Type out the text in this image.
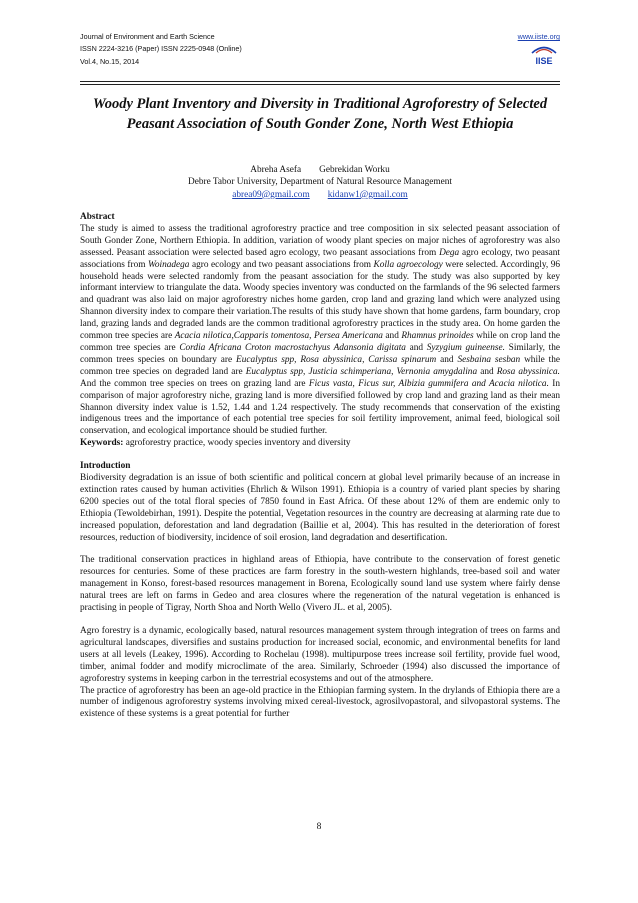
Journal of Environment and Earth Science
ISSN 2224-3216 (Paper) ISSN 2225-0948 (Online)
Vol.4, No.15, 2014
www.iiste.org
IISE
Woody Plant Inventory and Diversity in Traditional Agroforestry of Selected Peasant Association of South Gonder Zone, North West Ethiopia
Abreha Asefa Gebrekidan Worku
Debre Tabor University, Department of Natural Resource Management
abrea09@gmail.com kidanw1@gmail.com

Abstract

The study is aimed to assess the traditional agroforestry practice and tree composition in six selected peasant association of South Gonder Zone, Northern Ethiopia. In addition, variation of woody plant species on major niches of agroforestry was also assessed. Peasant association were selected based agro ecology, two peasant associations from Dega agro ecology, two peasant associations from Woinadega agro ecology and two peasant associations from Kolla agroecology were selected. Accordingly, 96 household heads were selected randomly from the peasant association for the study. The study was also supported by key informant interview to triangulate the data. Woody species inventory was conducted on the farmlands of the 96 selected farmers and quadrant was also laid on major agroforestry niches home garden, crop land and grazing land which were analyzed using Shannon diversity index to compare their variation.The results of this study have shown that home gardens, farm boundary, crop land, grazing lands and degraded lands are the common traditional agroforestry practices in the study area. On home garden the common tree species are Acacia nilotica,Capparis tomentosa, Persea Americana and Rhamnus prinoides while on crop land the common tree species are Cordia Africana Croton macrostachyus Adansonia digitata and Syzygium guineense. Similarly, the common trees species on boundary are Eucalyptus spp, Rosa abyssinica, Carissa spinarum and Sesbaina sesban while the common tree species on degraded land are Eucalyptus spp, Justicia schimperiana, Vernonia amygdalina and Rosa abyssinica. And the common tree species on trees on grazing land are Ficus vasta, Ficus sur, Albizia gummifera and Acacia nilotica. In comparison of major agroforestry niche, grazing land is more diversified followed by crop land and grazing land as their mean Shannon diversity index value is 1.52, 1.44 and 1.24 respectively. The study recommends that conservation of the existing indigenous trees and the importance of each potential tree species for soil fertility improvement, animal feed, biological soil conservation, and ecological importance should be studied further.

Keywords: agroforestry practice, woody species inventory and diversity

Introduction

Biodiversity degradation is an issue of both scientific and political concern at global level primarily because of an increase in extinction rates caused by human activities (Ehrlich & Wilson 1991). Ethiopia is a country of varied plant species by sharing 6200 species out of the total floral species of 7850 found in East Africa. Of these about 12% of them are endemic only to Ethiopia (Tewoldebirhan, 1991). Despite the potential, Vegetation resources in the country are decreasing at alarming rate due to increased population, deforestation and land degradation (Baillie et al, 2004). This has resulted in the deterioration of forest resources, reduction of biodiversity, incidence of soil erosion, land degradation and desertification.

The traditional conservation practices in highland areas of Ethiopia, have contribute to the conservation of forest genetic resources for centuries. Some of these practices are farm forestry in the south-western highlands, tree-based soil and water management in Konso, forest-based resources management in Borena, Ecologically sound land use system where fairly dense natural trees are left on farms in Gedeo and area closures where the regeneration of the natural vegetation is enhanced is practising in people of Tigray, North Shoa and North Wello (Vivero JL. et al, 2005).

Agro forestry is a dynamic, ecologically based, natural resources management system through integration of trees on farms and agricultural landscapes, diversifies and sustains production for increased social, economic, and environmental benefits for land users at all levels (Leakey, 1996). According to Rochelau (1998). multipurpose trees increase soil fertility, provide fuel wood, timber, animal fodder and modify microclimate of the area. Similarly, Schroeder (1994) also discussed the importance of agroforestry systems in keeping carbon in the terrestrial ecosystems and out of the atmosphere.

The practice of agroforestry has been an age-old practice in the Ethiopian farming system. In the drylands of Ethiopia there are a number of indigenous agroforestry systems involving mixed cereal-livestock, agrosilvopastoral, and silvopastoral systems. The existence of these systems is a great potential for further

8
